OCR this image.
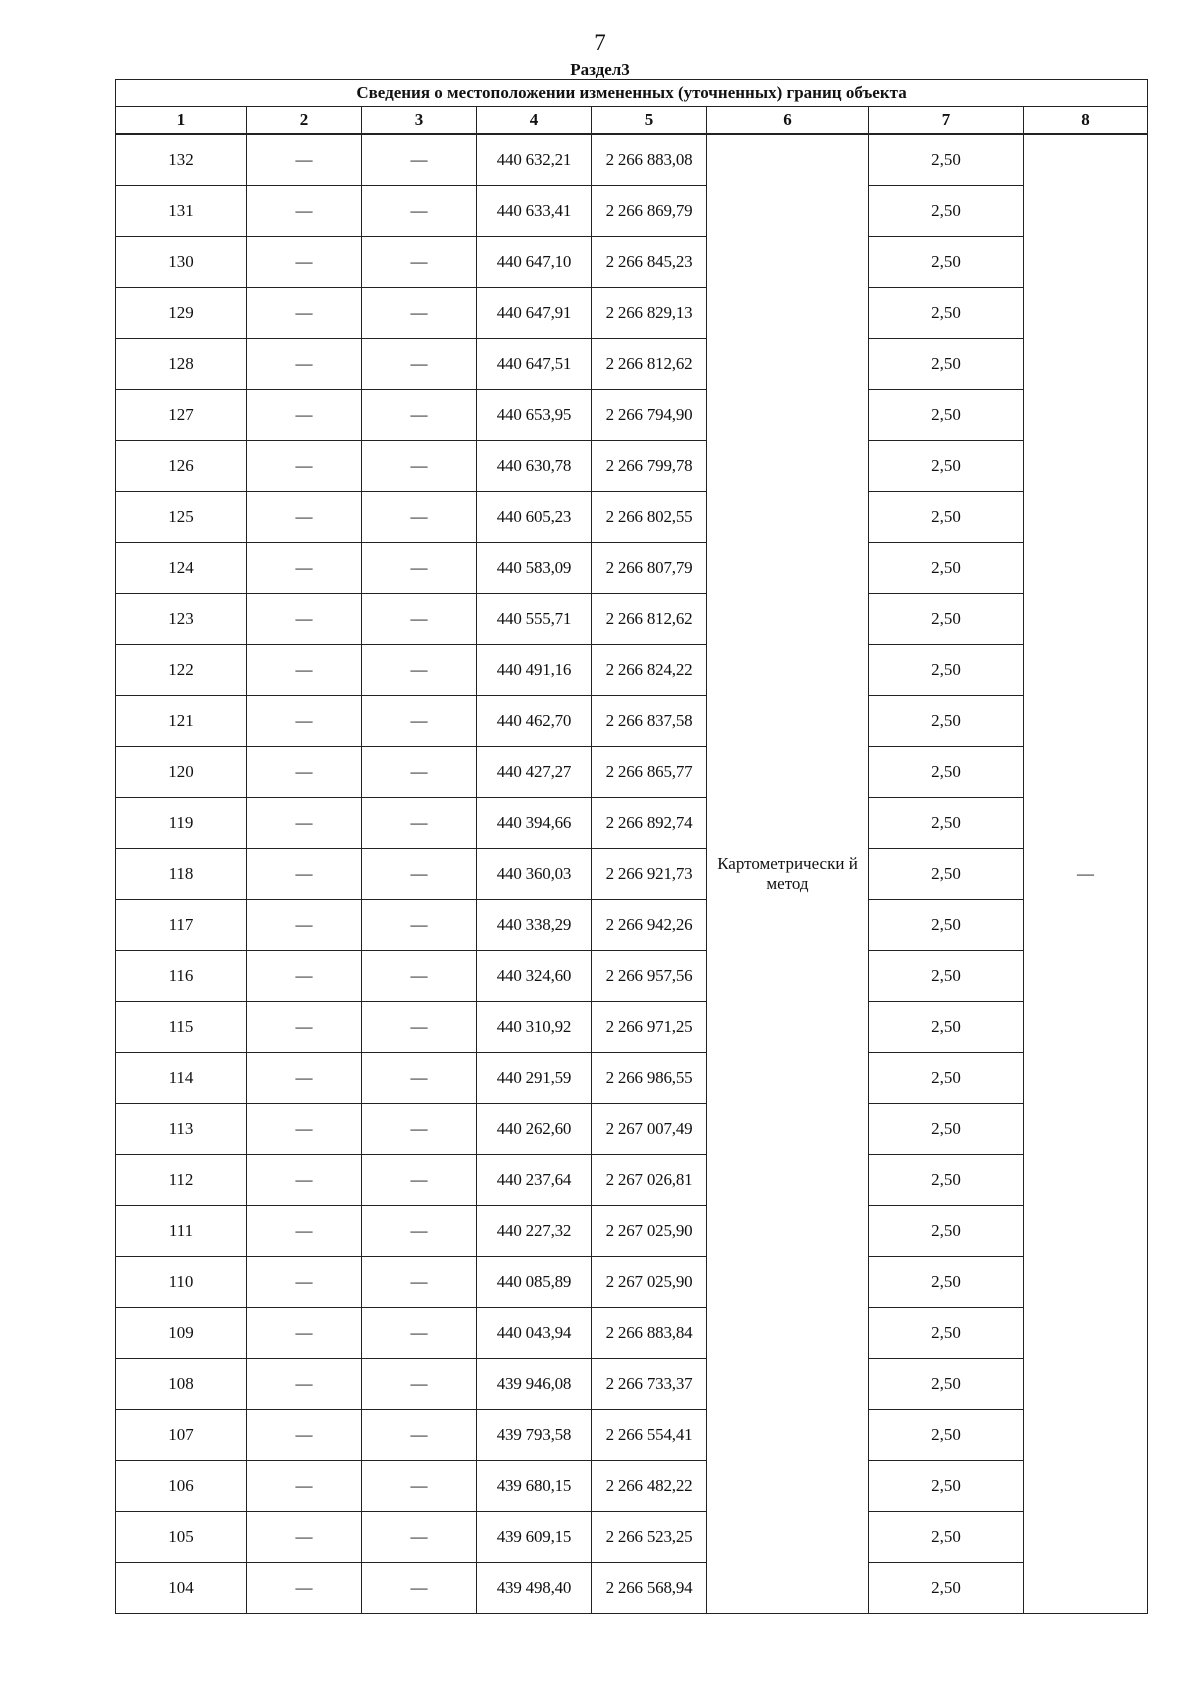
7
Раздел3
Сведения о местоположении измененных (уточненных) границ объекта							
1	2	3	4	5	6	7	8
132	—	—	440 632,21	2 266 883,08	Картометрически й метод	2,50	—
131	—	—	440 633,41	2 266 869,79		2,50	
130	—	—	440 647,10	2 266 845,23		2,50	
129	—	—	440 647,91	2 266 829,13		2,50	
128	—	—	440 647,51	2 266 812,62		2,50	
127	—	—	440 653,95	2 266 794,90		2,50	
126	—	—	440 630,78	2 266 799,78		2,50	
125	—	—	440 605,23	2 266 802,55		2,50	
124	—	—	440 583,09	2 266 807,79		2,50	
123	—	—	440 555,71	2 266 812,62		2,50	
122	—	—	440 491,16	2 266 824,22		2,50	
121	—	—	440 462,70	2 266 837,58		2,50	
120	—	—	440 427,27	2 266 865,77		2,50	
119	—	—	440 394,66	2 266 892,74		2,50	
118	—	—	440 360,03	2 266 921,73		2,50	
117	—	—	440 338,29	2 266 942,26		2,50	
116	—	—	440 324,60	2 266 957,56		2,50	
115	—	—	440 310,92	2 266 971,25		2,50	
114	—	—	440 291,59	2 266 986,55		2,50	
113	—	—	440 262,60	2 267 007,49		2,50	
112	—	—	440 237,64	2 267 026,81		2,50	
111	—	—	440 227,32	2 267 025,90		2,50	
110	—	—	440 085,89	2 267 025,90		2,50	
109	—	—	440 043,94	2 266 883,84		2,50	
108	—	—	439 946,08	2 266 733,37		2,50	
107	—	—	439 793,58	2 266 554,41		2,50	
106	—	—	439 680,15	2 266 482,22		2,50	
105	—	—	439 609,15	2 266 523,25		2,50	
104	—	—	439 498,40	2 266 568,94		2,50	
